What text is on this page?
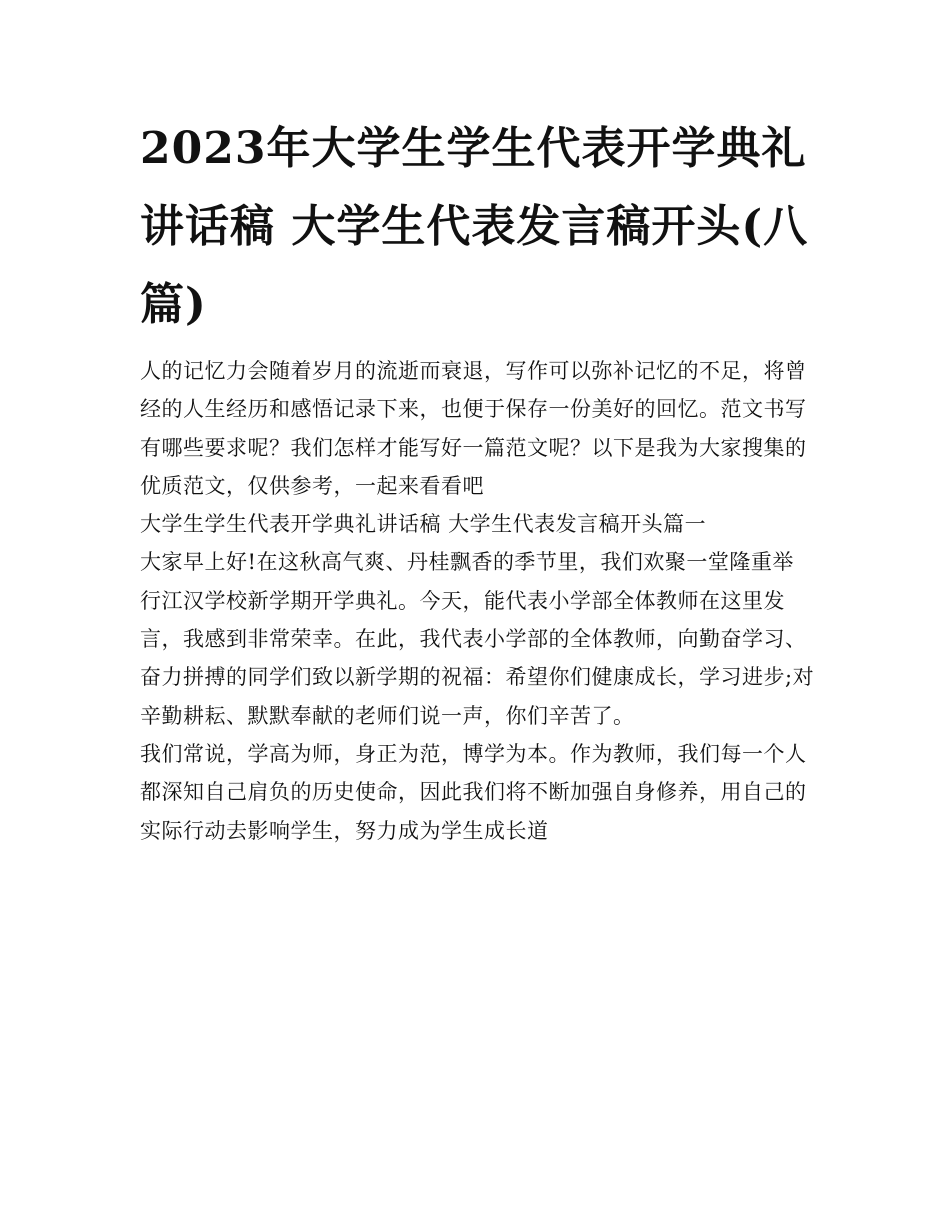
2023年大学生学生代表开学典礼讲话稿 大学生代表发言稿开头(八篇)

人的记忆力会随着岁月的流逝而衰退，写作可以弥补记忆的不足，将曾经的人生经历和感悟记录下来，也便于保存一份美好的回忆。范文书写有哪些要求呢？我们怎样才能写好一篇范文呢？以下是我为大家搜集的优质范文，仅供参考，一起来看看吧

大学生学生代表开学典礼讲话稿 大学生代表发言稿开头篇一

大家早上好!在这秋高气爽、丹桂飘香的季节里，我们欢聚一堂隆重举行江汉学校新学期开学典礼。今天，能代表小学部全体教师在这里发言，我感到非常荣幸。在此，我代表小学部的全体教师，向勤奋学习、奋力拼搏的同学们致以新学期的祝福：希望你们健康成长，学习进步;对辛勤耕耘、默默奉献的老师们说一声，你们辛苦了。

我们常说，学高为师，身正为范，博学为本。作为教师，我们每一个人都深知自己肩负的历史使命，因此我们将不断加强自身修养，用自己的实际行动去影响学生，努力成为学生成长道
